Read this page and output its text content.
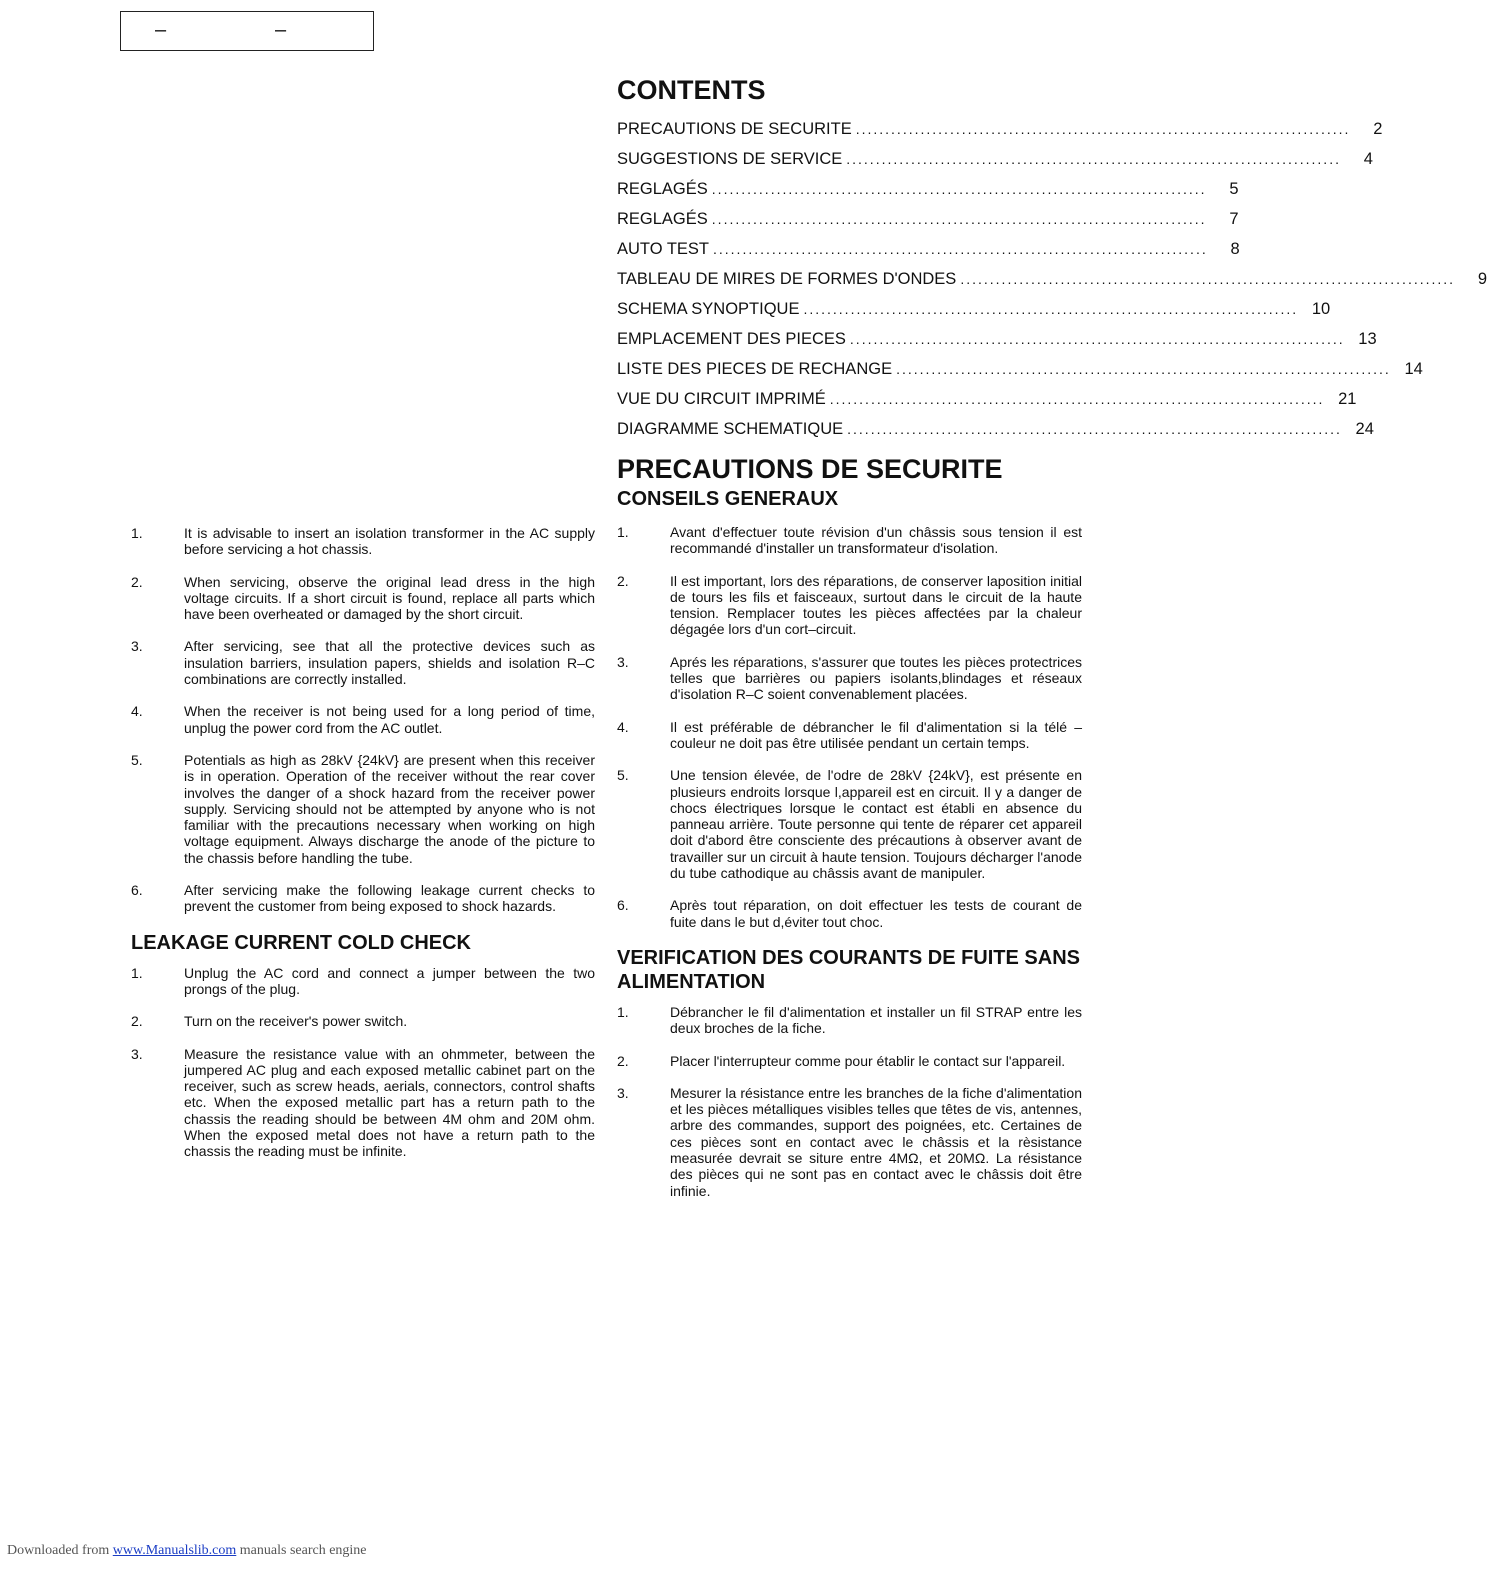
–	–
1.	It is advisable to insert an isolation transformer in the AC supply before servicing a hot chassis.
2.	When servicing, observe the original lead dress in the high voltage circuits. If a short circuit is found, replace all parts which have been overheated or damaged by the short circuit.
3.	After servicing, see that all the protective devices such as insulation barriers, insulation papers, shields and isolation R–C combinations are correctly installed.
4.	When the receiver is not being used for a long period of time, unplug the power cord from the AC outlet.
5.	Potentials as high as 28kV {24kV} are present when this receiver is in operation. Operation of the receiver without the rear cover involves the danger of a shock hazard from the receiver power supply. Servicing should not be attempted by anyone who is not familiar with the precautions necessary when working on high voltage equipment. Always discharge the anode of the picture to the chassis before handling the tube.
6.	After servicing make the following leakage current checks to prevent the customer from being exposed to shock hazards.
LEAKAGE CURRENT COLD CHECK
1.	Unplug the AC cord and connect a jumper between the two prongs of the plug.
2.	Turn on the receiver's power switch.
3.	Measure the resistance value with an ohmmeter, between the jumpered AC plug and each exposed metallic cabinet part on the receiver, such as screw heads, aerials, connectors, control shafts etc. When the exposed metallic part has a return path to the chassis the reading should be between 4M ohm and 20M ohm. When the exposed metal does not have a return path to the chassis the reading must be infinite.
CONTENTS
PRECAUTIONS DE SECURITE ....................................................................................	2
SUGGESTIONS DE SERVICE ....................................................................................	4
REGLAGÉS ....................................................................................	5
REGLAGÉS ....................................................................................	7
AUTO TEST ....................................................................................	8
TABLEAU DE MIRES DE FORMES D'ONDES ....................................................................................	9
SCHEMA SYNOPTIQUE .................................................................................... 10
EMPLACEMENT DES PIECES .................................................................................... 13
LISTE DES PIECES DE RECHANGE .................................................................................... 14
VUE DU CIRCUIT IMPRIMÉ .................................................................................... 21
DIAGRAMME SCHEMATIQUE .................................................................................... 24
PRECAUTIONS DE SECURITE
CONSEILS GENERAUX
1.	Avant d'effectuer toute révision d'un châssis sous tension il est recommandé d'installer un transformateur d'isolation.
2.	Il est important, lors des réparations, de conserver laposition initial de tours les fils et faisceaux, surtout dans le circuit de la haute tension. Remplacer toutes les pièces affectées par la chaleur dégagée lors d'un cort–circuit.
3.	Aprés les réparations, s'assurer que toutes les pièces protectrices telles que barrières ou papiers isolants,blindages et réseaux d'isolation R–C soient convenablement placées.
4.	Il est préférable de débrancher le fil d'alimentation si la télé –couleur ne doit pas être utilisée pendant un certain temps.
5.	Une tension élevée, de l'odre de 28kV {24kV}, est présente en plusieurs endroits lorsque l,appareil est en circuit. Il y a danger de chocs électriques lorsque le contact est établi en absence du panneau arrière. Toute personne qui tente de réparer cet appareil doit d'abord être consciente des précautions à observer avant de travailler sur un circuit à haute tension. Toujours décharger l'anode du tube cathodique au châssis avant de manipuler.
6.	Après tout réparation, on doit effectuer les tests de courant de fuite dans le but d,éviter tout choc.
VERIFICATION DES COURANTS DE FUITE SANS ALIMENTATION
1.	Débrancher le fil d'alimentation et installer un fil STRAP entre les deux broches de la fiche.
2.	Placer l'interrupteur comme pour établir le contact sur l'appareil.
3.	Mesurer la résistance entre les branches de la fiche d'alimentation et les pièces métalliques visibles telles que têtes de vis, antennes, arbre des commandes, support des poignées, etc. Certaines de ces pièces sont en contact avec le châssis et la rèsistance measurée devrait se siture entre 4MΩ, et 20MΩ. La résistance des pièces qui ne sont pas en contact avec le châssis doit être infinie.
Downloaded from www.Manualslib.com manuals search engine
